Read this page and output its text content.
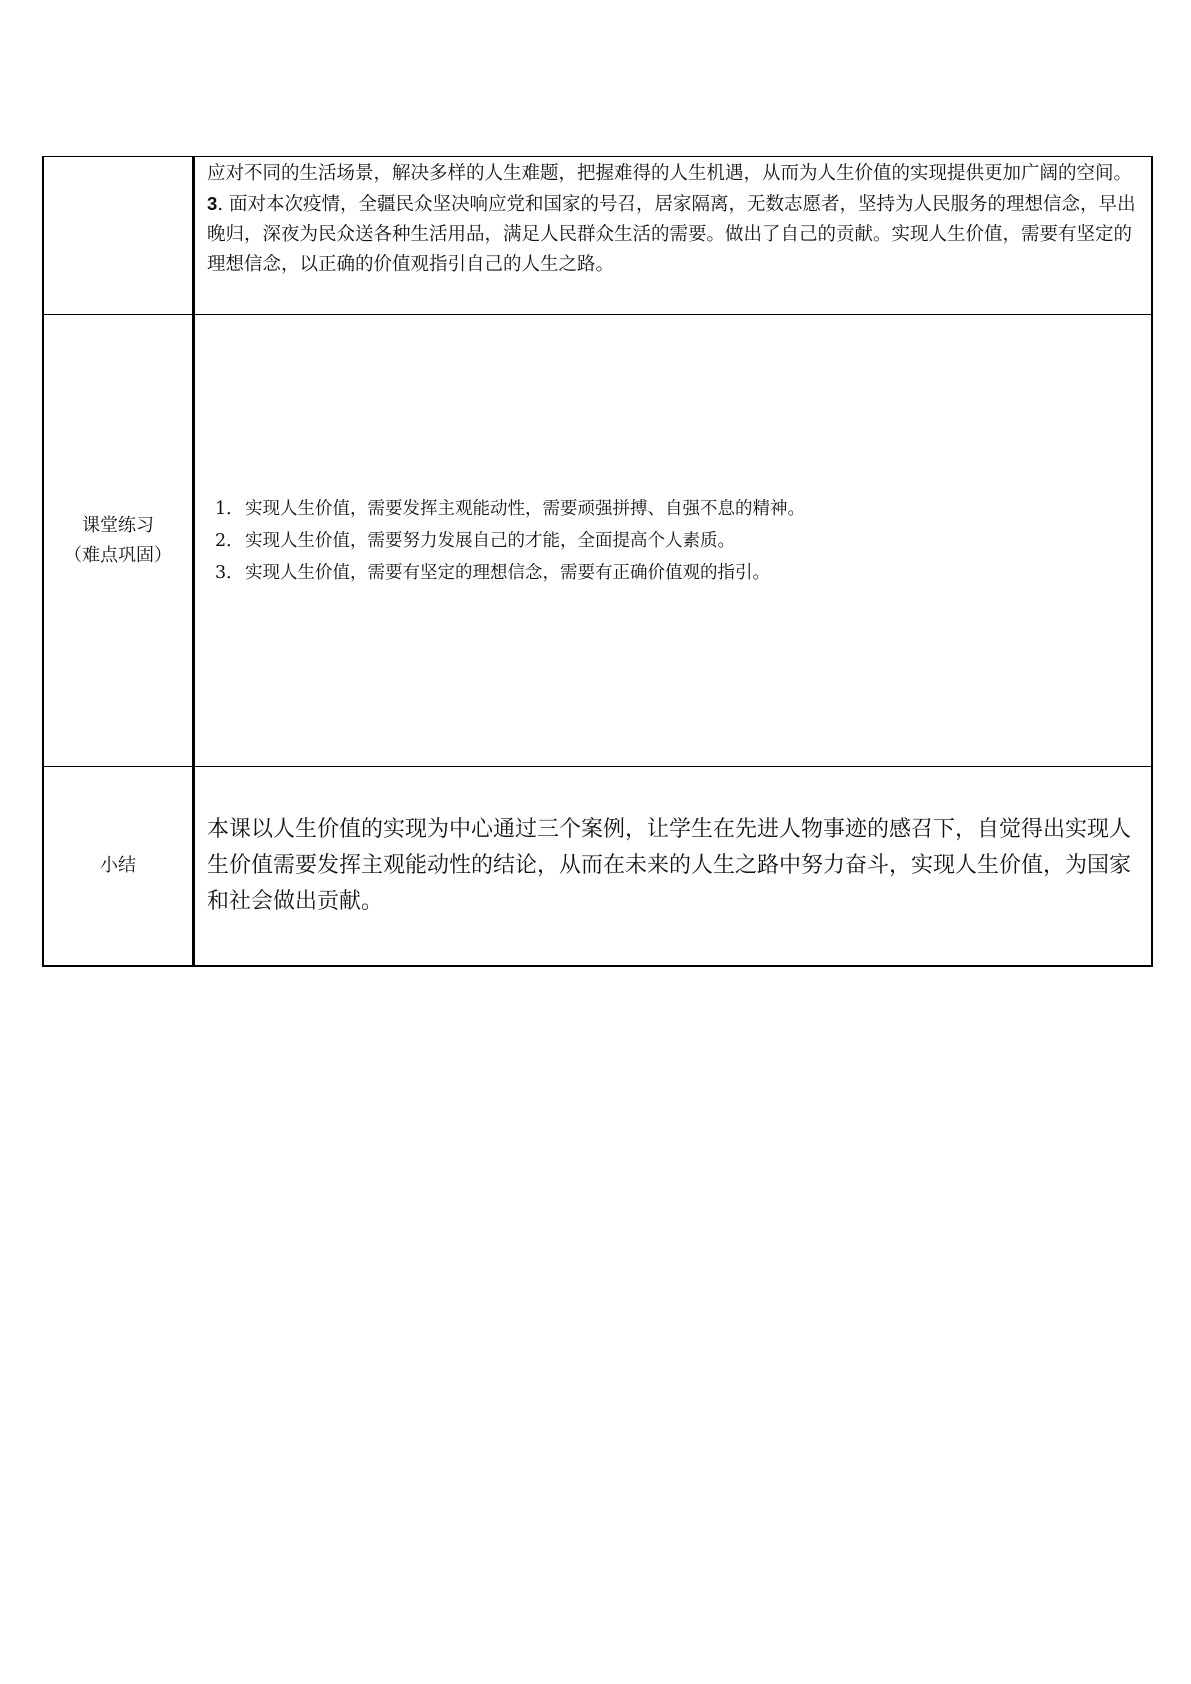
	应对不同的生活场景，解决多样的人生难题，把握难得的人生机遇，从而为人生价值的实现提供更加广阔的空间。

3. 面对本次疫情，全疆民众坚决响应党和国家的号召，居家隔离，无数志愿者，坚持为人民服务的理想信念，早出晚归，深夜为民众送各种生活用品，满足人民群众生活的需要。做出了自己的贡献。实现人生价值，需要有坚定的理想信念，以正确的价值观指引自己的人生之路。

课堂练习
（难点巩固）	1．实现人生价值，需要发挥主观能动性，需要顽强拼搏、自强不息的精神。
2．实现人生价值，需要努力发展自己的才能，全面提高个人素质。
3．实现人生价值，需要有坚定的理想信念，需要有正确价值观的指引。

小结	本课以人生价值的实现为中心通过三个案例，让学生在先进人物事迹的感召下，自觉得出实现人生价值需要发挥主观能动性的结论，从而在未来的人生之路中努力奋斗，实现人生价值，为国家和社会做出贡献。
